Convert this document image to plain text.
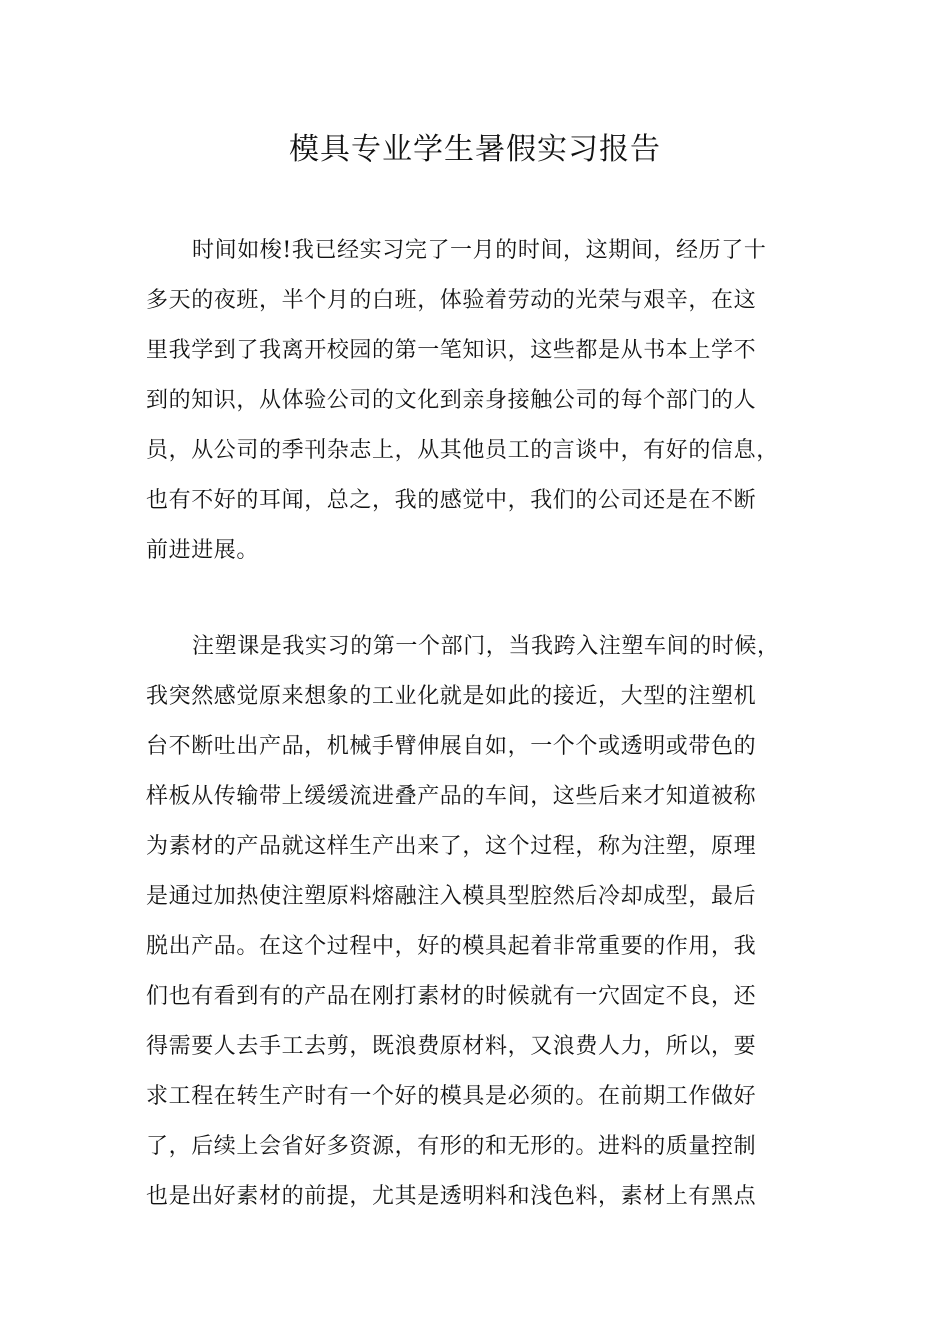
模具专业学生暑假实习报告
时间如梭!我已经实习完了一月的时间，这期间，经历了十
多天的夜班，半个月的白班，体验着劳动的光荣与艰辛，在这
里我学到了我离开校园的第一笔知识，这些都是从书本上学不
到的知识，从体验公司的文化到亲身接触公司的每个部门的人
员，从公司的季刊杂志上，从其他员工的言谈中，有好的信息，
也有不好的耳闻，总之，我的感觉中，我们的公司还是在不断
前进进展。
注塑课是我实习的第一个部门，当我跨入注塑车间的时候，
我突然感觉原来想象的工业化就是如此的接近，大型的注塑机
台不断吐出产品，机械手臂伸展自如，一个个或透明或带色的
样板从传输带上缓缓流进叠产品的车间，这些后来才知道被称
为素材的产品就这样生产出来了，这个过程，称为注塑，原理
是通过加热使注塑原料熔融注入模具型腔然后冷却成型，最后
脱出产品。在这个过程中，好的模具起着非常重要的作用，我
们也有看到有的产品在刚打素材的时候就有一穴固定不良，还
得需要人去手工去剪，既浪费原材料，又浪费人力，所以，要
求工程在转生产时有一个好的模具是必须的。在前期工作做好
了，后续上会省好多资源，有形的和无形的。进料的质量控制
也是出好素材的前提，尤其是透明料和浅色料，素材上有黑点
